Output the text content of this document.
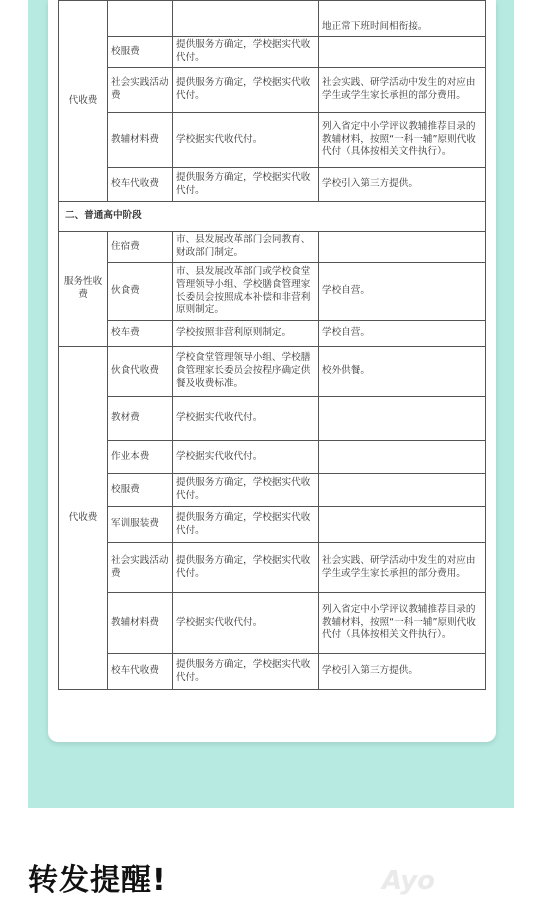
代收费			地正常下班时间相衔接。
	校服费	提供服务方确定，学校据实代收代付。	
	社会实践活动费	提供服务方确定，学校据实代收代付。	社会实践、研学活动中发生的对应由学生或学生家长承担的部分费用。
	教辅材料费	学校据实代收代付。	列入省定中小学评议教辅推荐目录的教辅材料，按照“一科一辅”原则代收代付（具体按相关文件执行）。
	校车代收费	提供服务方确定，学校据实代收代付。	学校引入第三方提供。
二、普通高中阶段			
服务性收费	住宿费	市、县发展改革部门会同教育、财政部门制定。	
	伙食费	市、县发展改革部门或学校食堂管理领导小组、学校膳食管理家长委员会按照成本补偿和非营利原则制定。	学校自营。
	校车费	学校按照非营利原则制定。	学校自营。
代收费	伙食代收费	学校食堂管理领导小组、学校膳食管理家长委员会按程序确定供餐及收费标准。	校外供餐。
	教材费	学校据实代收代付。	
	作业本费	学校据实代收代付。	
	校服费	提供服务方确定，学校据实代收代付。	
	军训服装费	提供服务方确定，学校据实代收代付。	
	社会实践活动费	提供服务方确定，学校据实代收代付。	社会实践、研学活动中发生的对应由学生或学生家长承担的部分费用。
	教辅材料费	学校据实代收代付。	列入省定中小学评议教辅推荐目录的教辅材料，按照“一科一辅”原则代收代付（具体按相关文件执行）。
	校车代收费	提供服务方确定，学校据实代收代付。	学校引入第三方提供。
转发提醒!	Ayo
